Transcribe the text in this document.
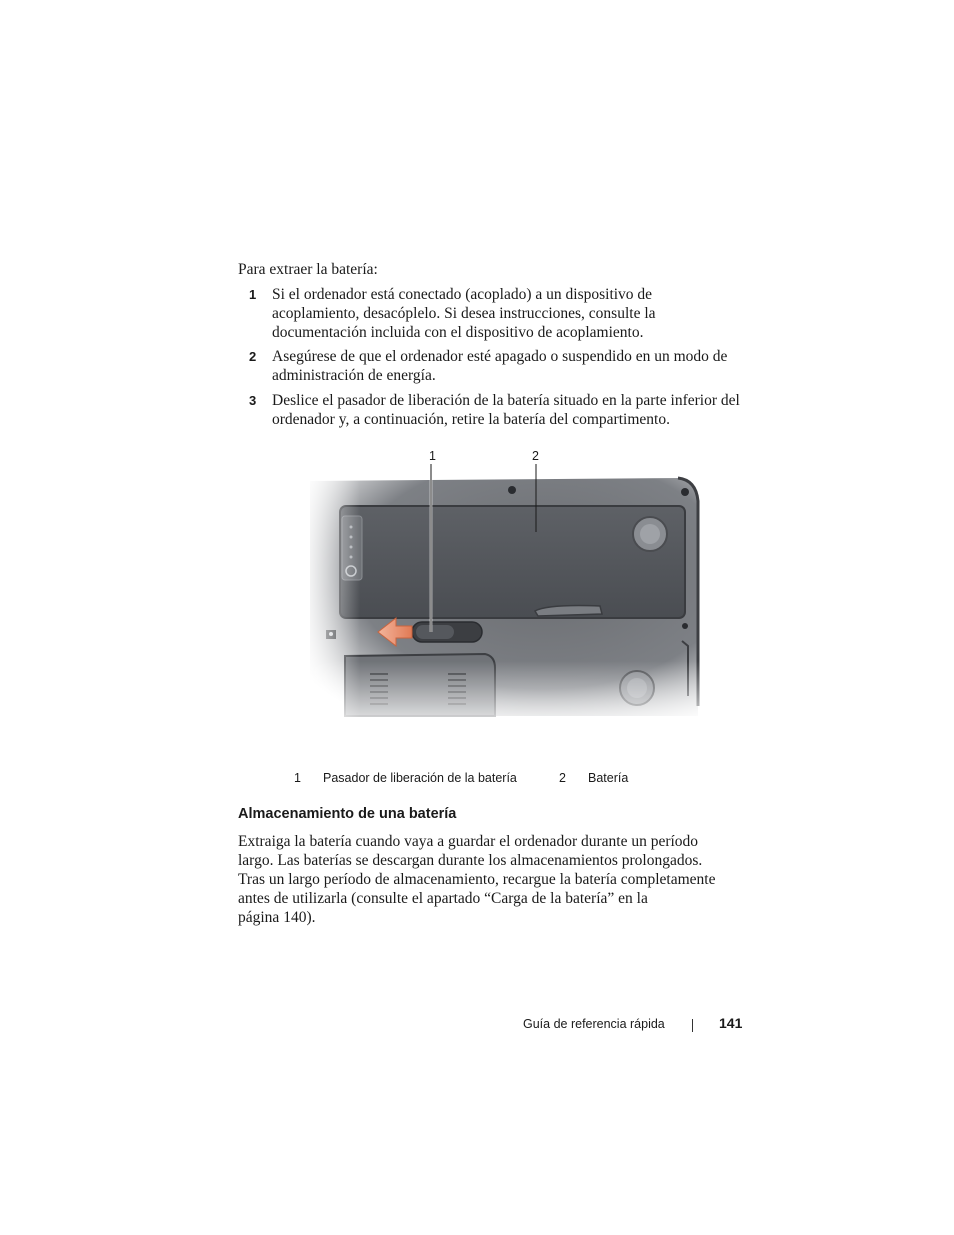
Para extraer la batería:
1 Si el ordenador está conectado (acoplado) a un dispositivo de
acoplamiento, desacóplelo. Si desea instrucciones, consulte la
documentación incluida con el dispositivo de acoplamiento.
2 Asegúrese de que el ordenador esté apagado o suspendido en un modo de
administración de energía.
3 Deslice el pasador de liberación de la batería situado en la parte inferior del
ordenador y, a continuación, retire la batería del compartimento.
1	2
1 Pasador de liberación de la batería	2 Batería
Almacenamiento de una batería
Extraiga la batería cuando vaya a guardar el ordenador durante un período
largo. Las baterías se descargan durante los almacenamientos prolongados.
Tras un largo período de almacenamiento, recargue la batería completamente
antes de utilizarla (consulte el apartado “Carga de la batería” en la
página 140).
Guía de referencia rápida	141
